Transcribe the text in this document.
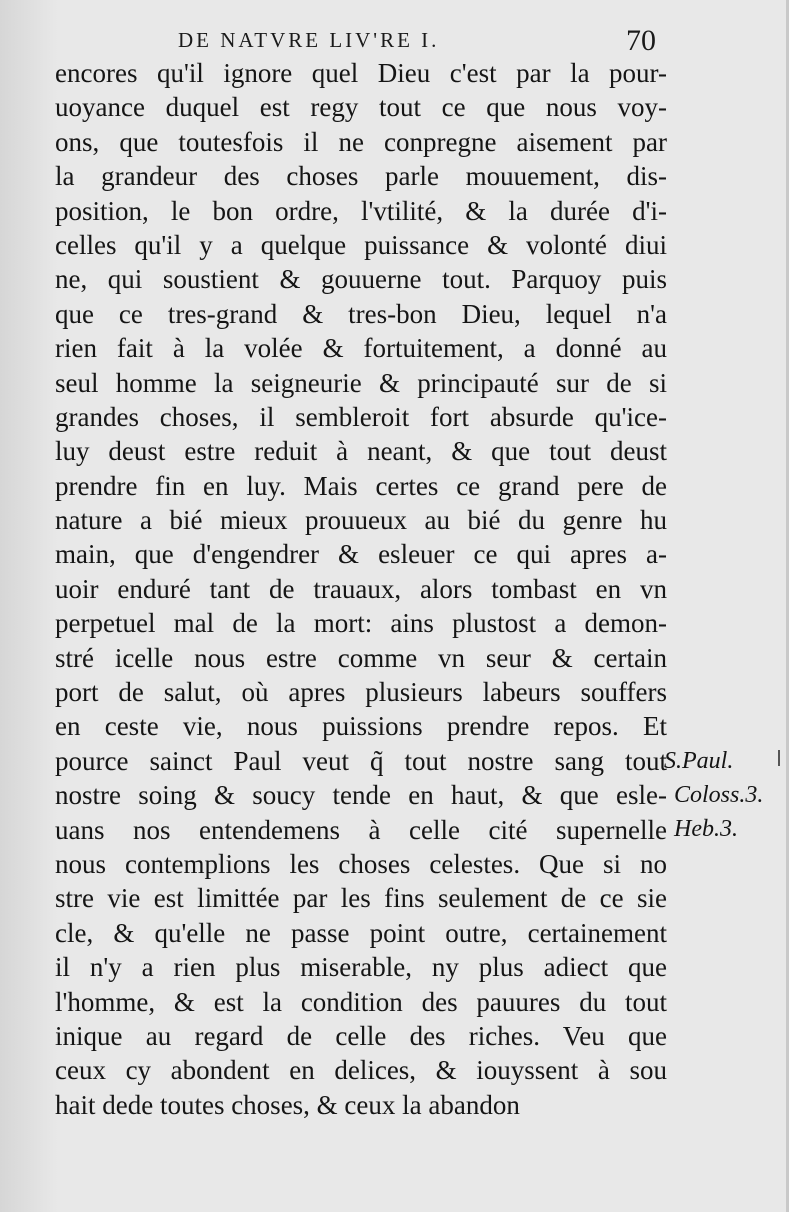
DE NATVRE LIV'RE I.	70
encores qu'il ignore quel Dieu c'est par la pour-
uoyance duquel est regy tout ce que nous voy-
ons, que toutesfois il ne conpregne aisement par
la grandeur des choses parle mouuement, dis-
position, le bon ordre, l'vtilité, & la durée d'i-
celles qu'il y a quelque puissance & volonté diui
ne, qui soustient & gouuerne tout. Parquoy puis
que ce tres-grand & tres-bon Dieu, lequel n'a
rien fait à la volée & fortuitement, a donné au
seul homme la seigneurie & principauté sur de si
grandes choses, il sembleroit fort absurde qu'ice-
luy deust estre reduit à neant, & que tout deust
prendre fin en luy. Mais certes ce grand pere de
nature a bié mieux prouueux au bié du genre hu
main, que d'engendrer & esleuer ce qui apres a-
uoir enduré tant de trauaux, alors tombast en vn
perpetuel mal de la mort: ains plustost a demon-
stré icelle nous estre comme vn seur & certain
port de salut, où apres plusieurs labeurs souffers
en ceste vie, nous puissions prendre repos. Et
pource sainct Paul veut q̃ tout nostre sang tout
nostre soing & soucy tende en haut, & que esle-
uans nos entendemens à celle cité supernelle
nous contemplions les choses celestes. Que si no
stre vie est limittée par les fins seulement de ce sie
cle, & qu'elle ne passe point outre, certainement
il n'y a rien plus miserable, ny plus adiect que
l'homme, & est la condition des pauures du tout
inique au regard de celle des riches. Veu que
ceux cy abondent en delices, & iouyssent à sou
hait dede toutes choses, & ceux la abandon
S.Paul.
Coloss.3.
Heb.3.
